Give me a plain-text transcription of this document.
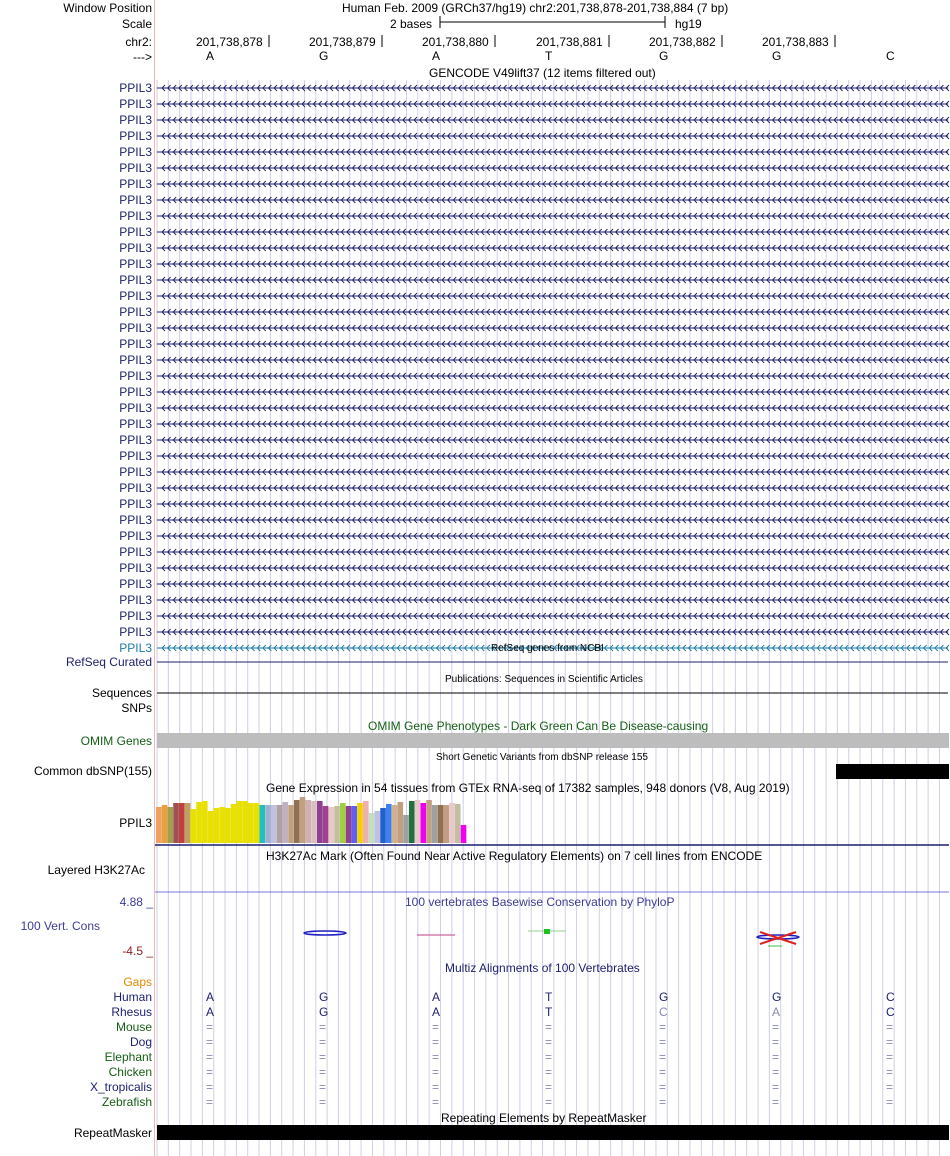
Window Position	Human Feb. 2009 (GRCh37/hg19) chr2:201,738,878-201,738,884 (7 bp)
Scale	2 bases	hg19
chr2:
--->
201,738,878	201,738,879	201,738,880	201,738,881	201,738,882	201,738,883
A	G	A	T	G	G	C
GENCODE V49lift37 (12 items filtered out)
PPIL3
PPIL3
PPIL3
PPIL3
PPIL3
PPIL3
PPIL3
PPIL3
PPIL3
PPIL3
PPIL3
PPIL3
PPIL3
PPIL3
PPIL3
PPIL3
PPIL3
PPIL3
PPIL3
PPIL3
PPIL3
PPIL3
PPIL3
PPIL3
PPIL3
PPIL3
PPIL3
PPIL3
PPIL3
PPIL3
PPIL3
PPIL3
PPIL3
PPIL3
PPIL3
PPIL3	RefSeq genes from NCBI
RefSeq Curated
Publications: Sequences in Scientific Articles
Sequences
SNPs
OMIM Gene Phenotypes - Dark Green Can Be Disease-causing
OMIM Genes
Short Genetic Variants from dbSNP release 155
Common dbSNP(155)
Gene Expression in 54 tissues from GTEx RNA-seq of 17382 samples, 948 donors (V8, Aug 2019)
PPIL3
H3K27Ac Mark (Often Found Near Active Regulatory Elements) on 7 cell lines from ENCODE
Layered H3K27Ac
100 vertebrates Basewise Conservation by PhyloP
4.88 _
100 Vert. Cons
-4.5 _
Multiz Alignments of 100 Vertebrates
Gaps
Human	A	G	A	T	G	G	C
Rhesus	A	G	A	T	C	A	C
Mouse	=	=	=	=	=	=	=
Dog	=	=	=	=	=	=	=
Elephant	=	=	=	=	=	=	=
Chicken	=	=	=	=	=	=	=
X_tropicalis	=	=	=	=	=	=	=
Zebrafish	=	=	=	=	=	=	=
Repeating Elements by RepeatMasker
RepeatMasker
